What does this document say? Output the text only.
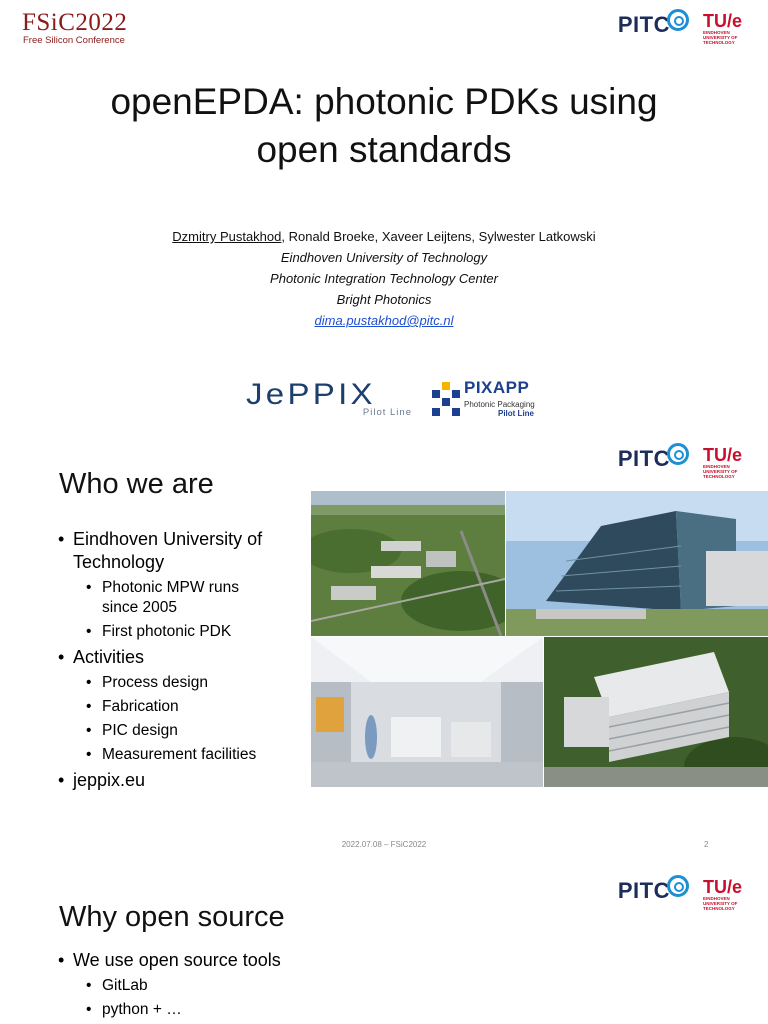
FSiC2022
Free Silicon Conference
PITC TU/e
EINDHOVEN UNIVERSITY OF TECHNOLOGY
openEPDA: photonic PDKs using
open standards
Dzmitry Pustakhod, Ronald Broeke, Xaveer Leijtens, Sylwester Latkowski
Eindhoven University of Technology
Photonic Integration Technology Center
Bright Photonics
dima.pustakhod@pitc.nl
JePPIX
Pilot Line
PIXAPP
Photonic Packaging
Pilot Line
PITC TU/e
EINDHOVEN UNIVERSITY OF TECHNOLOGY
Who we are
• Eindhoven University of
Technology
• Photonic MPW runs
since 2005
• First photonic PDK
• Activities
• Process design
• Fabrication
• PIC design
• Measurement facilities
• jeppix.eu
2022.07.08 – FSiC2022	2
PITC TU/e
EINDHOVEN UNIVERSITY OF TECHNOLOGY
Why open source
• We use open source tools
• GitLab
• python + …
